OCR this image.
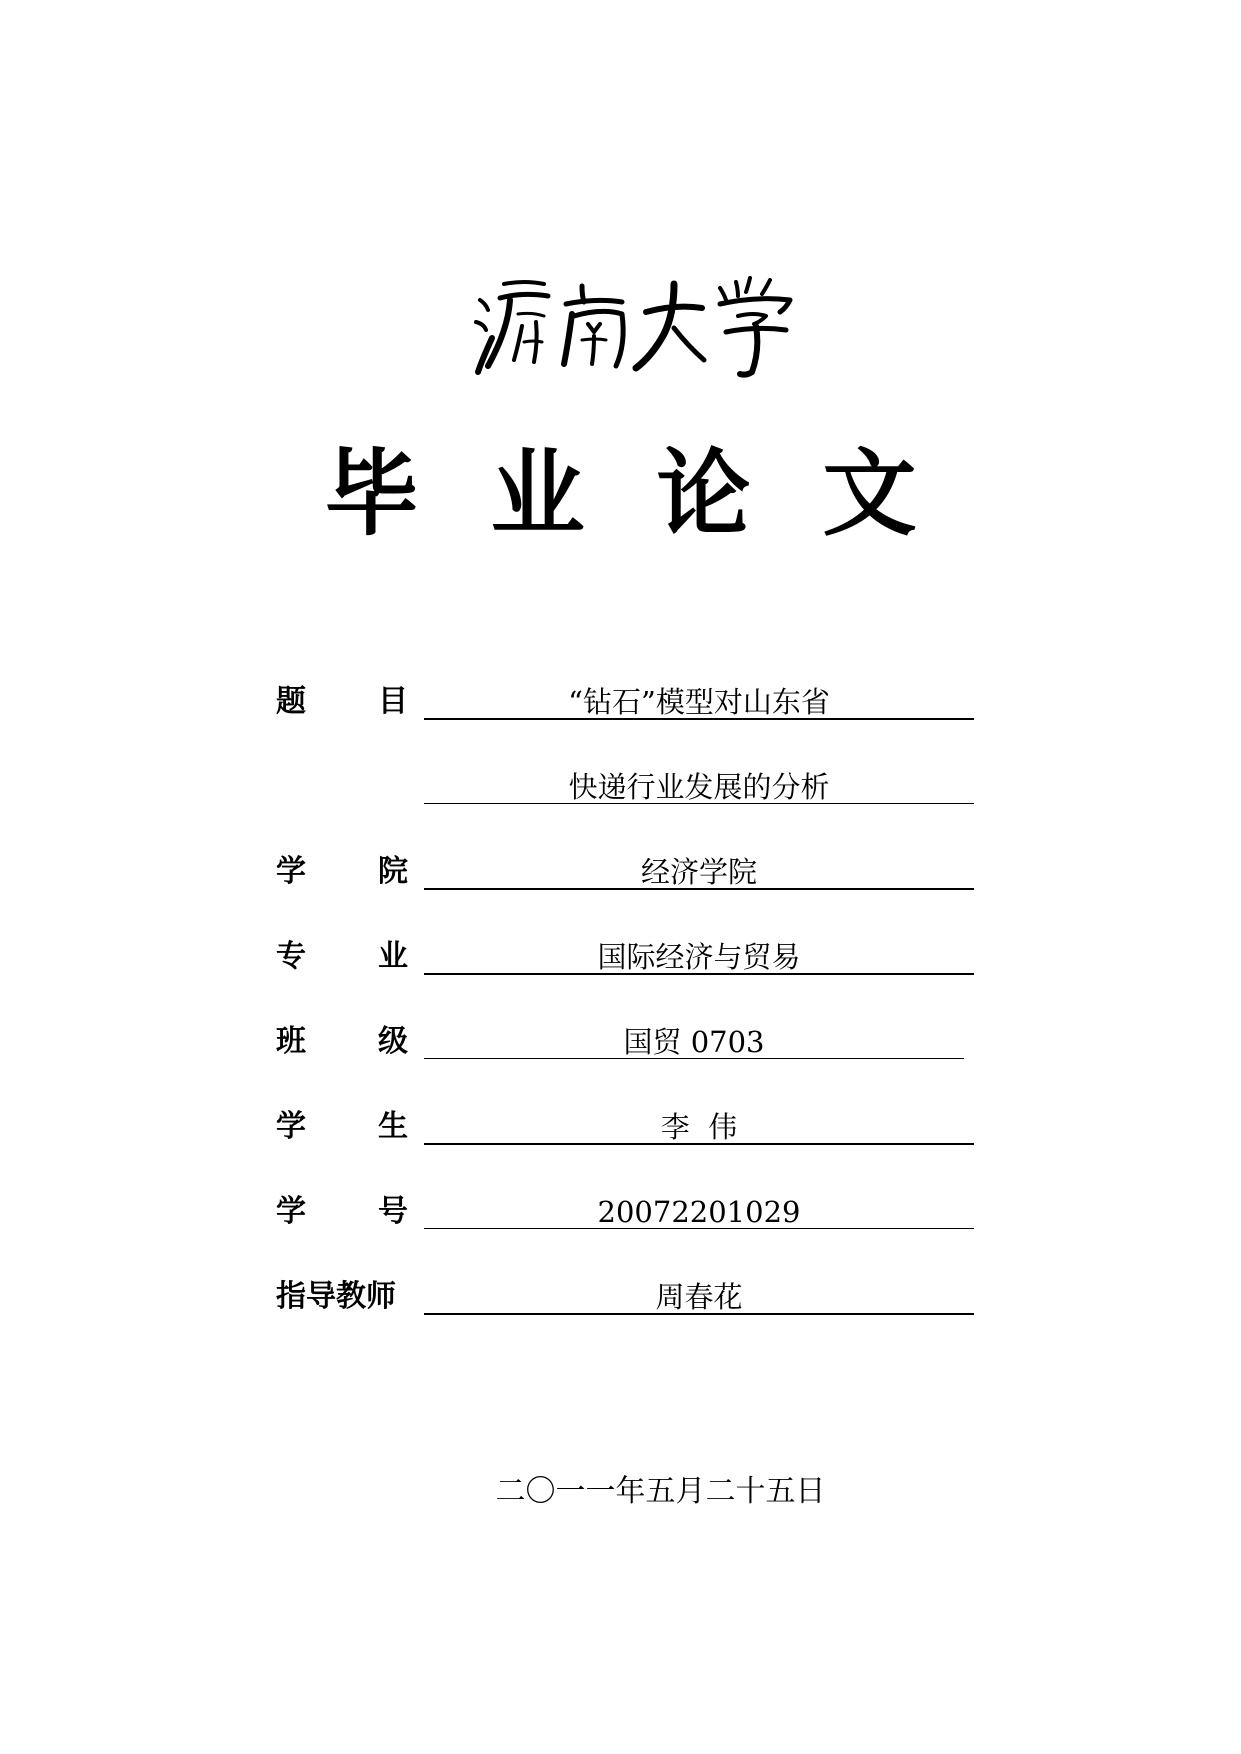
毕业论文
题 目	“钻石”模型对山东省
快递行业发展的分析
学 院	经济学院
专 业	国际经济与贸易
班 级	国贸 0703
学 生	李  伟
学 号	20072201029
指导教师	周春花
二〇一一年五月二十五日
